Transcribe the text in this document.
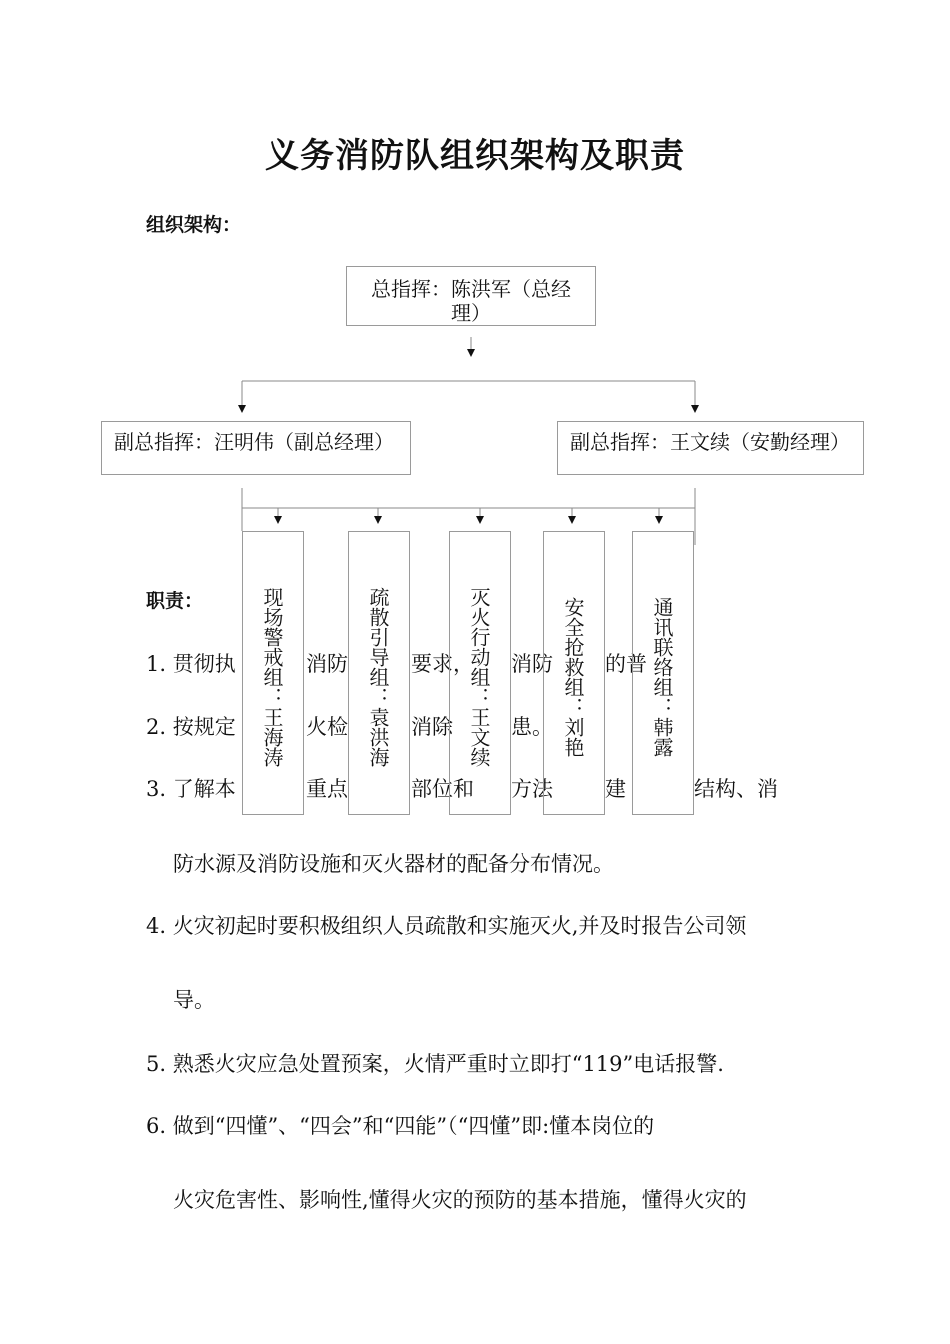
义务消防队组织架构及职责
组织架构：
总指挥：陈洪军（总经理）
副总指挥：汪明伟（副总经理）	副总指挥：王文续（安勤经理）
职责：
1. 贯彻执	消防	要求， 消防 的普
2. 按规定	火检	消除	患。
3. 了解本	重点	部位和 方法 建	结构、消
防水源及消防设施和灭火器材的配备分布情况。
4. 火灾初起时要积极组织人员疏散和实施灭火,并及时报告公司领
导。
5. 熟悉火灾应急处置预案，火情严重时立即打“119”电话报警.
6. 做到“四懂”、“四会”和“四能”（“四懂”即:懂本岗位的
火灾危害性、影响性,懂得火灾的预防的基本措施，懂得火灾的
现场警戒组：王海涛	疏散引导组：袁洪海	灭火行动组：王文续	安全抢救组：刘艳	通讯联络组：韩露
